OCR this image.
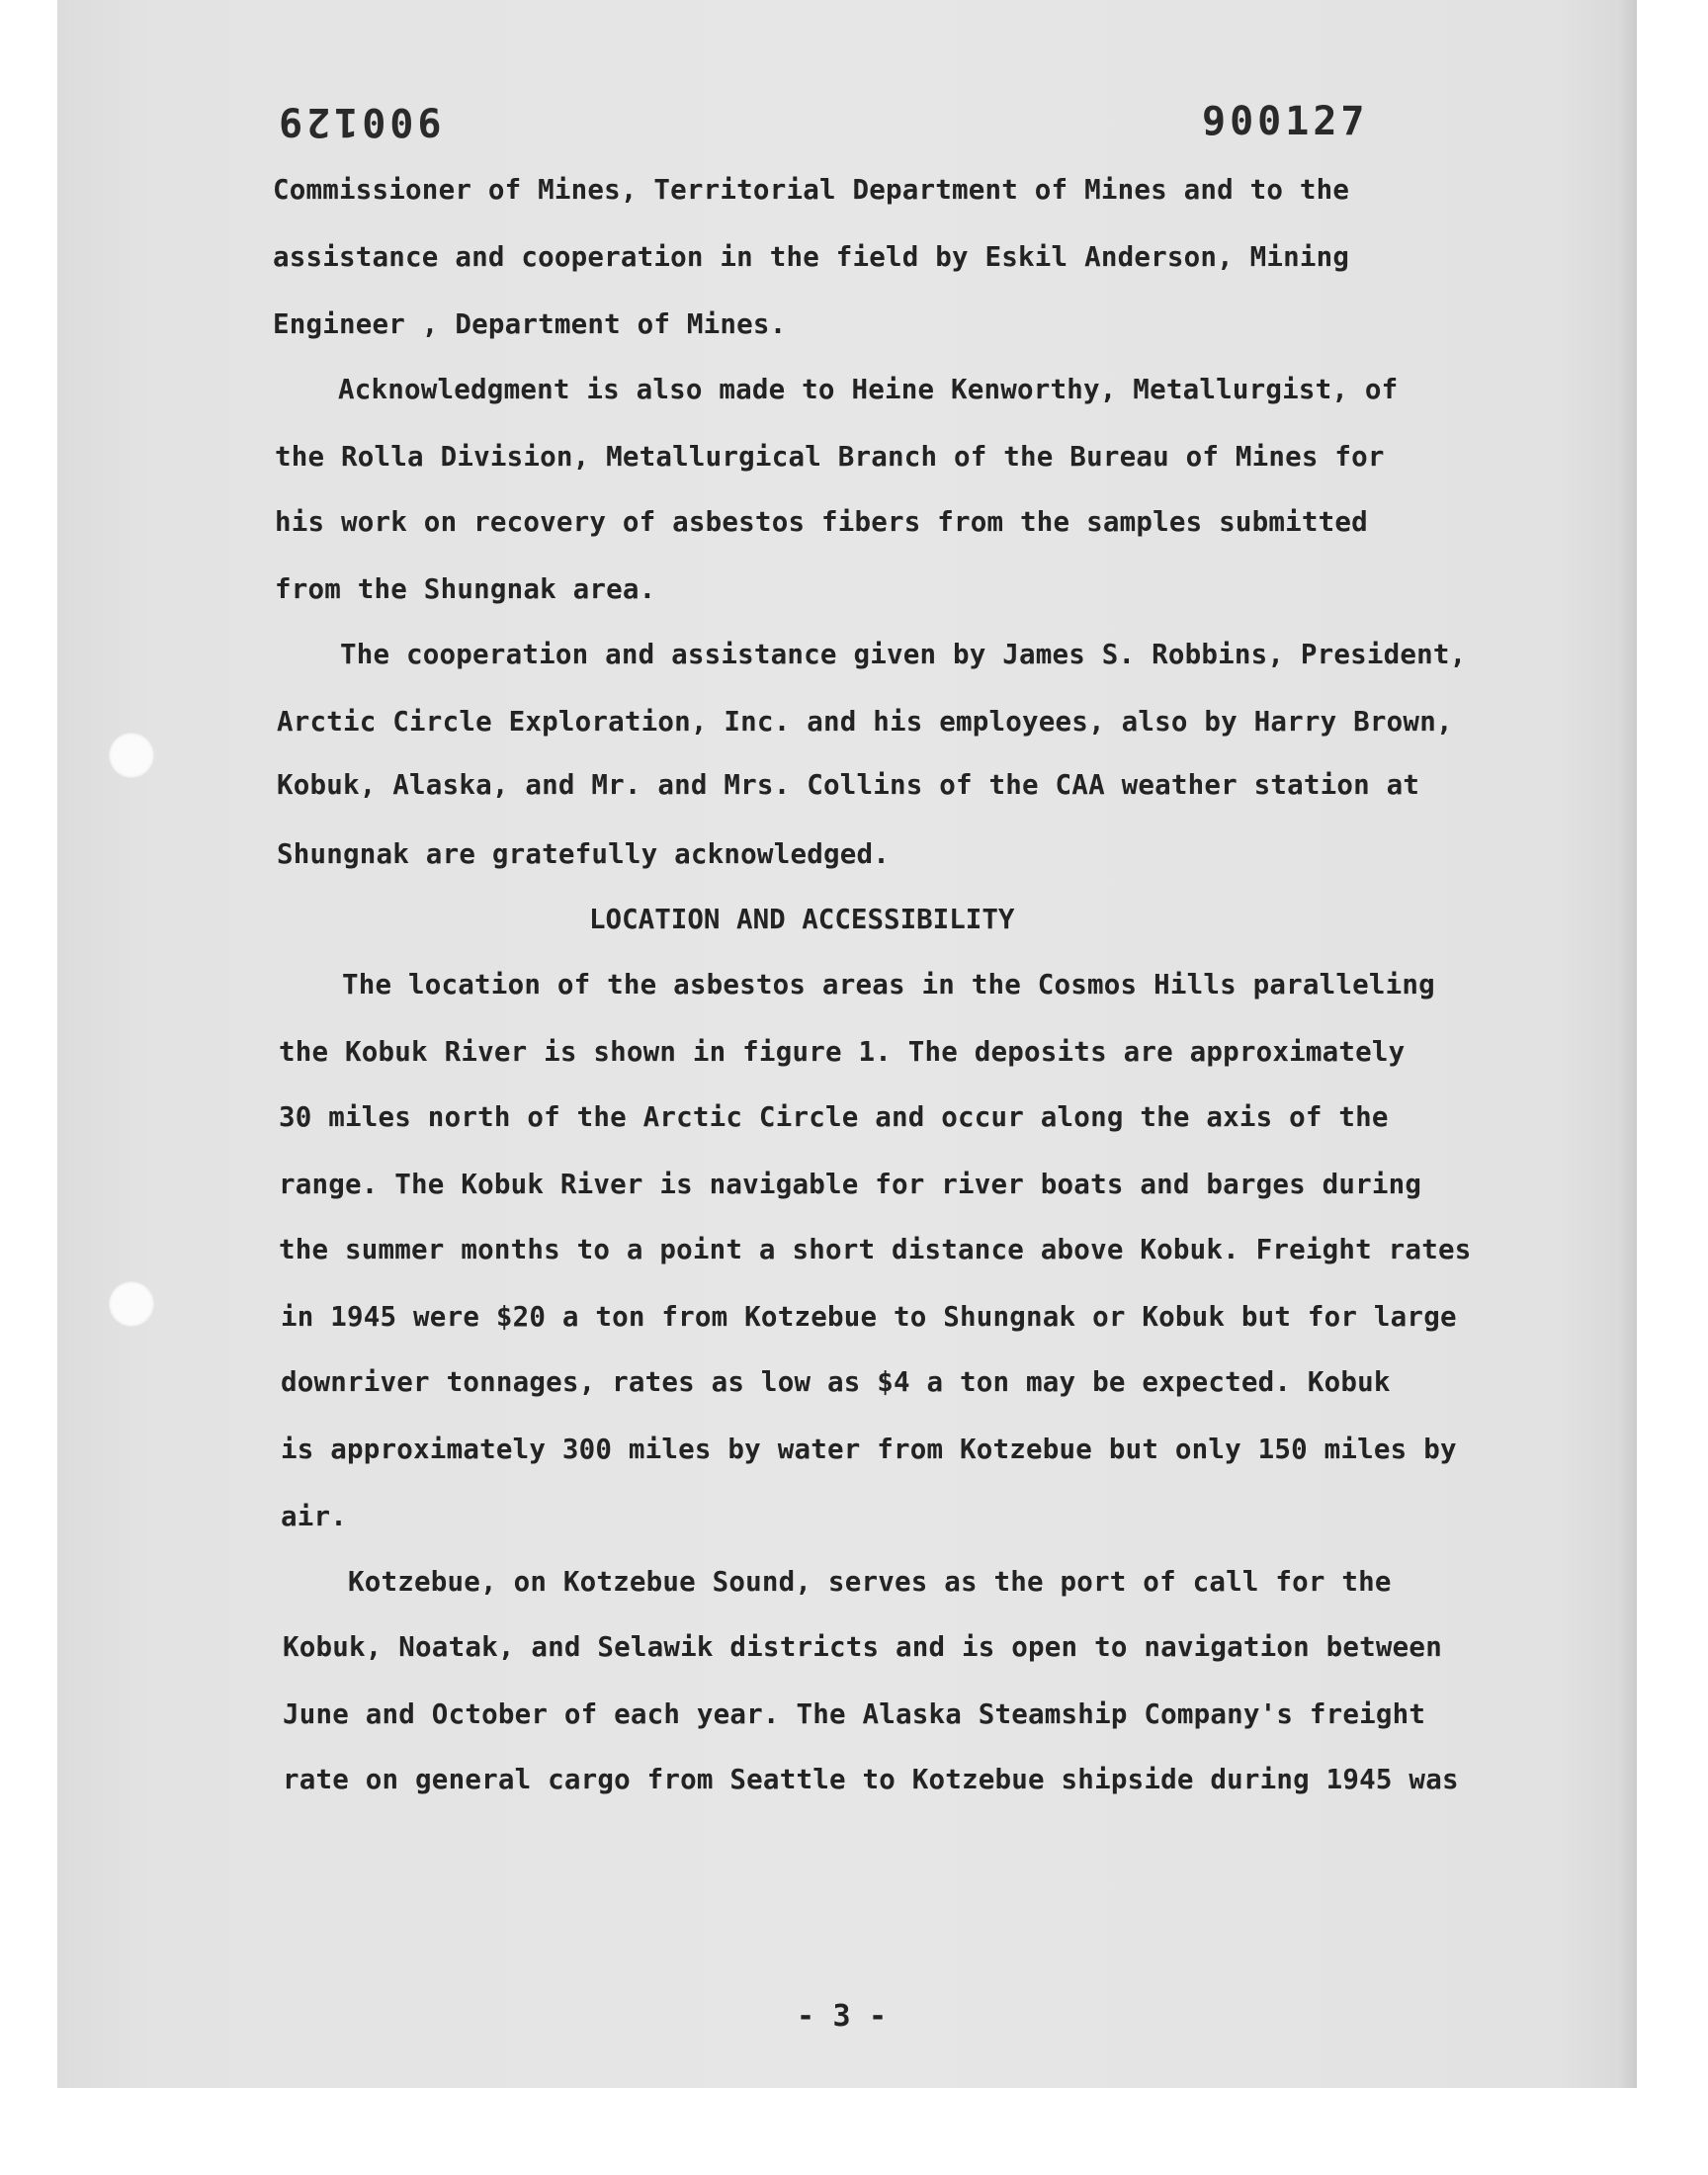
900129	900127
Commissioner of Mines, Territorial Department of Mines and to the
assistance and cooperation in the field by Eskil Anderson, Mining
Engineer , Department of Mines.
Acknowledgment is also made to Heine Kenworthy, Metallurgist, of
the Rolla Division, Metallurgical Branch of the Bureau of Mines for
his work on recovery of asbestos fibers from the samples submitted
from the Shungnak area.
The cooperation and assistance given by James S. Robbins, President,
Arctic Circle Exploration, Inc. and his employees, also by Harry Brown,
Kobuk, Alaska, and Mr. and Mrs. Collins of the CAA weather station at
Shungnak are gratefully acknowledged.
LOCATION AND ACCESSIBILITY
The location of the asbestos areas in the Cosmos Hills paralleling
the Kobuk River is shown in figure 1. The deposits are approximately
30 miles north of the Arctic Circle and occur along the axis of the
range. The Kobuk River is navigable for river boats and barges during
the summer months to a point a short distance above Kobuk. Freight rates
in 1945 were $20 a ton from Kotzebue to Shungnak or Kobuk but for large
downriver tonnages, rates as low as $4 a ton may be expected. Kobuk
is approximately 300 miles by water from Kotzebue but only 150 miles by
air.
Kotzebue, on Kotzebue Sound, serves as the port of call for the
Kobuk, Noatak, and Selawik districts and is open to navigation between
June and October of each year. The Alaska Steamship Company's freight
rate on general cargo from Seattle to Kotzebue shipside during 1945 was
- 3 -
